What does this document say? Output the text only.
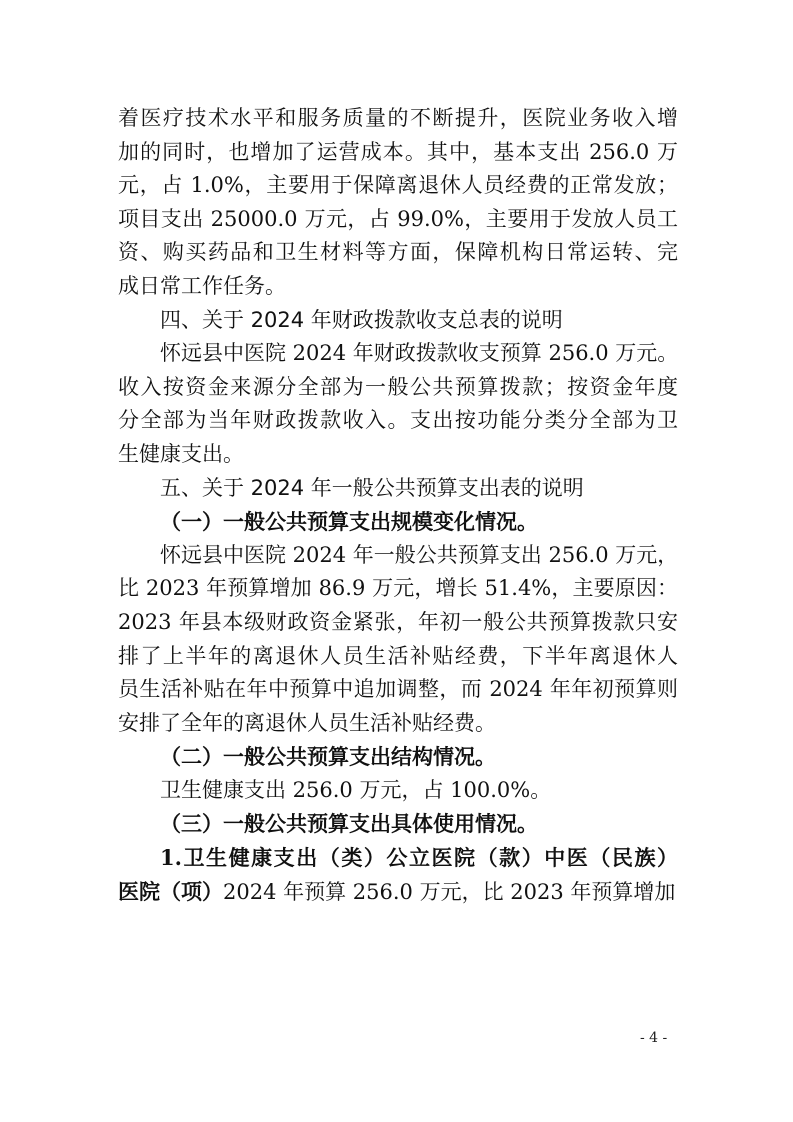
着医疗技术水平和服务质量的不断提升，医院业务收入增
加的同时，也增加了运营成本。其中，基本支出 256.0 万
元，占 1.0%，主要用于保障离退休人员经费的正常发放；
项目支出 25000.0 万元，占 99.0%，主要用于发放人员工
资、购买药品和卫生材料等方面，保障机构日常运转、完
成日常工作任务。
四、关于 2024 年财政拨款收支总表的说明
怀远县中医院 2024 年财政拨款收支预算 256.0 万元。
收入按资金来源分全部为一般公共预算拨款；按资金年度
分全部为当年财政拨款收入。支出按功能分类分全部为卫
生健康支出。
五、关于 2024 年一般公共预算支出表的说明
（一）一般公共预算支出规模变化情况。
怀远县中医院 2024 年一般公共预算支出 256.0 万元，
比 2023 年预算增加 86.9 万元，增长 51.4%，主要原因：
2023 年县本级财政资金紧张，年初一般公共预算拨款只安
排了上半年的离退休人员生活补贴经费，下半年离退休人
员生活补贴在年中预算中追加调整，而 2024 年年初预算则
安排了全年的离退休人员生活补贴经费。
（二）一般公共预算支出结构情况。
卫生健康支出 256.0 万元，占 100.0%。
（三）一般公共预算支出具体使用情况。
1.卫生健康支出（类）公立医院（款）中医（民族）
医院（项）2024 年预算 256.0 万元，比 2023 年预算增加
- 4 -
